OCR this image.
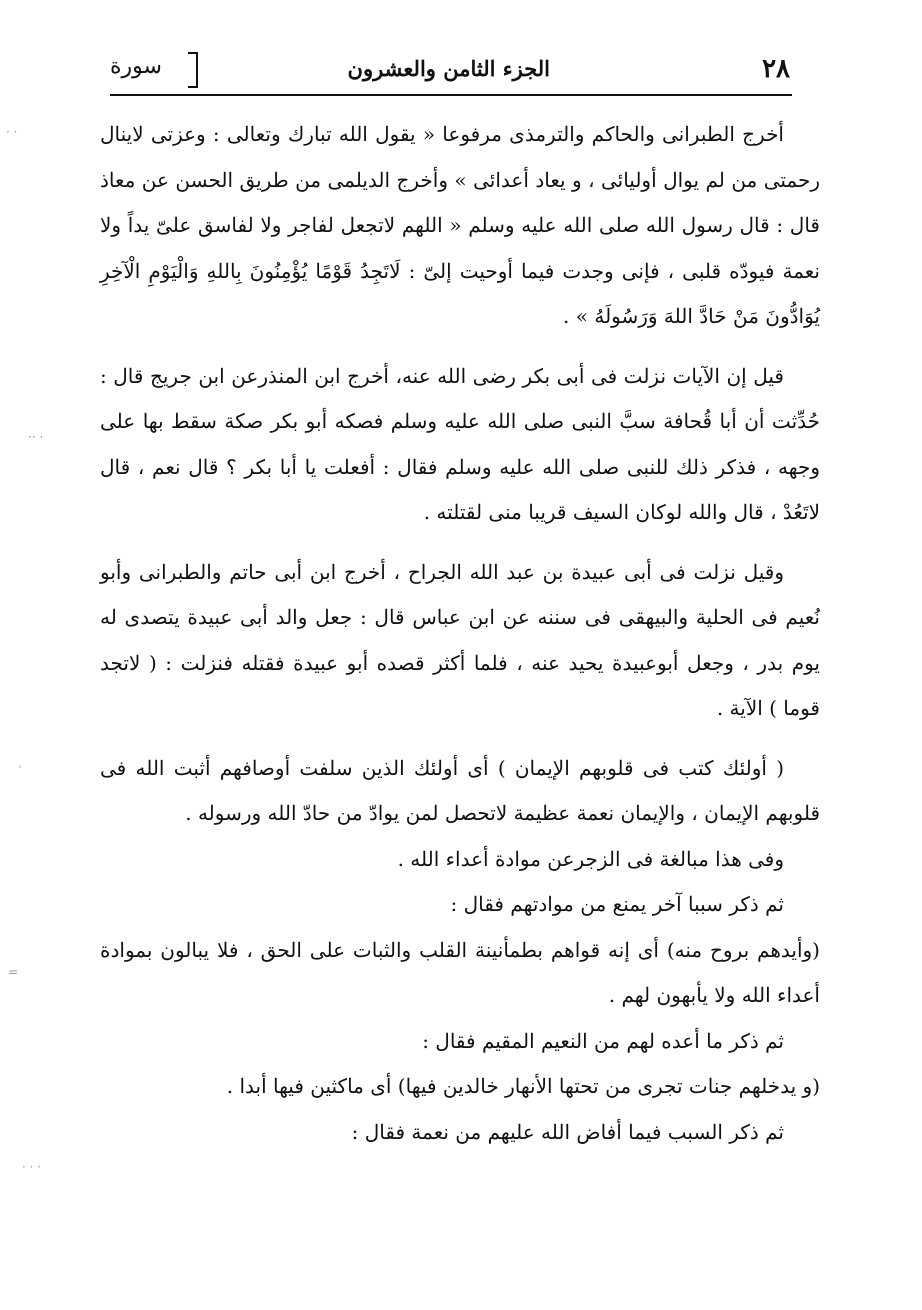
٢٨
الجزء الثامن والعشرون
سورة

أخرج الطبرانى والحاكم والترمذى مرفوعا « يقول الله تبارك وتعالى : وعزتى لاينال رحمتى من لم يوال أوليائى ، و يعاد أعدائى » وأخرج الديلمى من طريق الحسن عن معاذ قال : قال رسول الله صلى الله عليه وسلم « اللهم لاتجعل لفاجر ولا لفاسق علىّ يداً ولا نعمة فيودّه قلبى ، فإنى وجدت فيما أوحيت إلىّ : لَاتَجِدُ قَوْمًا يُؤْمِنُونَ بِاللهِ وَالْيَوْمِ الْآخِرِ يُوَادُّونَ مَنْ حَادَّ اللهَ وَرَسُولَهُ » .

قيل إن الآيات نزلت فى أبى بكر رضى الله عنه، أخرج ابن المنذرعن ابن جريج قال : حُدِّثت أن أبا قُحافة سبَّ النبى صلى الله عليه وسلم فصكه أبو بكر صكة سقط بها على وجهه ، فذكر ذلك للنبى صلى الله عليه وسلم فقال : أفعلت يا أبا بكر ؟ قال نعم ، قال لاتَعُدْ ، قال والله لوكان السيف قريبا منى لقتلته .

وقيل نزلت فى أبى عبيدة بن عبد الله الجراح ، أخرج ابن أبى حاتم والطبرانى وأبو نُعيم فى الحلية والبيهقى فى سننه عن ابن عباس قال : جعل والد أبى عبيدة يتصدى له يوم بدر ، وجعل أبوعبيدة يحيد عنه ، فلما أكثر قصده أبو عبيدة فقتله فنزلت : ( لاتجد قوما ) الآية .

( أولئك كتب فى قلوبهم الإيمان ) أى أولئك الذين سلفت أوصافهم أثبت الله فى قلوبهم الإيمان ، والإيمان نعمة عظيمة لاتحصل لمن يوادّ من حادّ الله ورسوله .

وفى هذا مبالغة فى الزجرعن موادة أعداء الله .

ثم ذكر سببا آخر يمنع من موادتهم فقال :

(وأيدهم بروح منه) أى إنه قواهم بطمأنينة القلب والثبات على الحق ، فلا يبالون بموادة أعداء الله ولا يأبهون لهم .

ثم ذكر ما أعده لهم من النعيم المقيم فقال :

(و يدخلهم جنات تجرى من تحتها الأنهار خالدين فيها) أى ماكثين فيها أبدا .

ثم ذكر السبب فيما أفاض الله عليهم من نعمة فقال :

· ·
·· ·
·
=
· · ·
